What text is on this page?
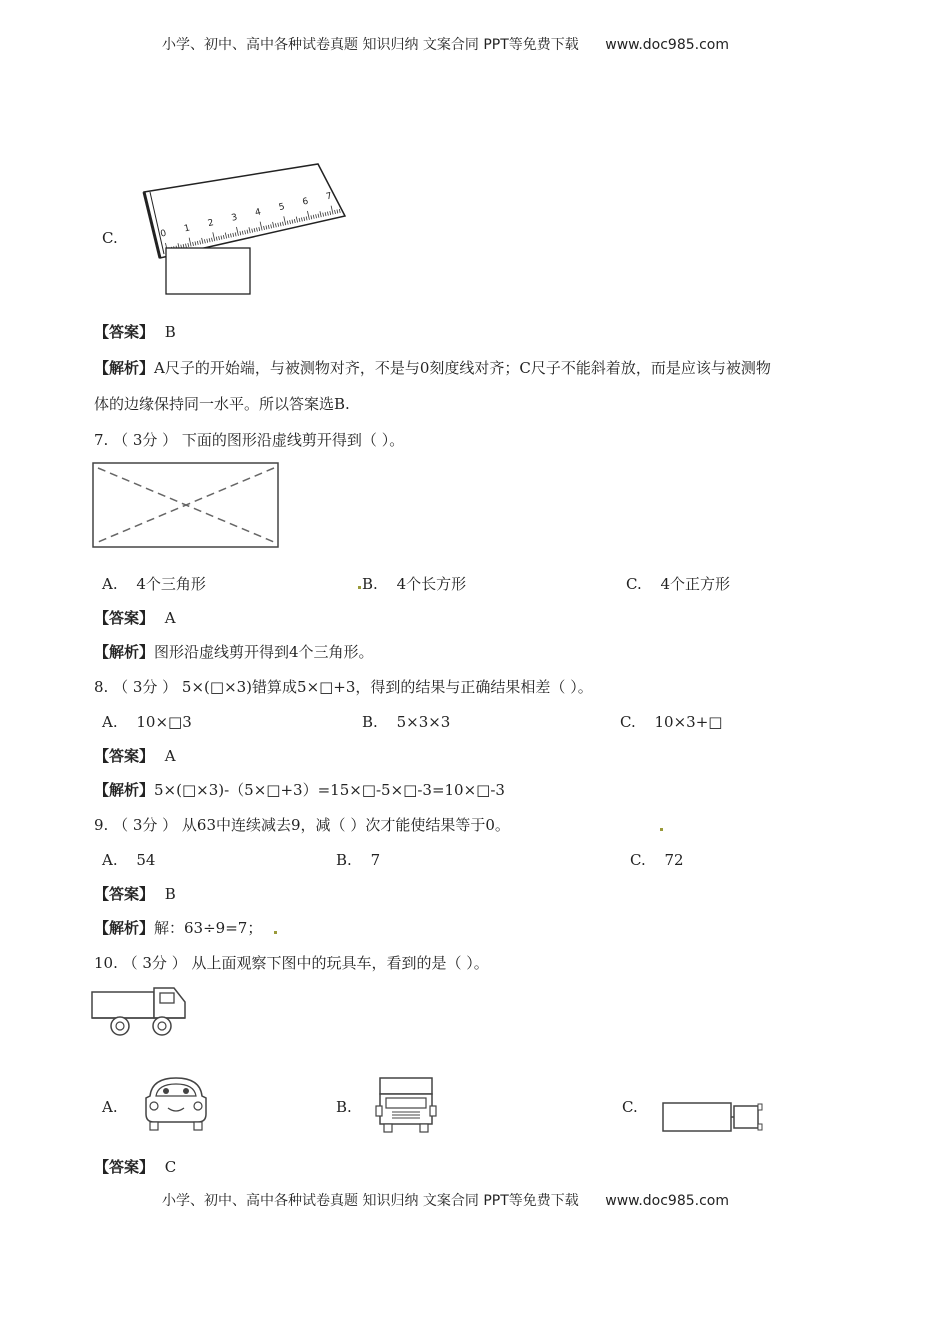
小学、初中、高中各种试卷真题 知识归纳 文案合同 PPT等免费下载 www.doc985.com
C.	0 1 2 3 4 5 6 7
【答案】 B
【解析】A尺子的开始端，与被测物对齐，不是与0刻度线对齐；C尺子不能斜着放，而是应该与被测物
体的边缘保持同一水平。所以答案选B.
7. （ 3分 ） 下面的图形沿虚线剪开得到（ ）。
A. 4个三角形	B. 4个长方形	C. 4个正方形
【答案】 A
【解析】图形沿虚线剪开得到4个三角形。
8. （ 3分 ） 5×(□×3)错算成5×□+3，得到的结果与正确结果相差（ ）。
A. 10×□3	B. 5×3×3	C. 10×3+□
【答案】 A
【解析】5×(□×3)-（5×□+3）=15×□-5×□-3=10×□-3
9. （ 3分 ） 从63中连续减去9，减（ ）次才能使结果等于0。
A. 54	B. 7	C. 72
【答案】 B
【解析】解：63÷9=7；
10. （ 3分 ） 从上面观察下图中的玩具车，看到的是（ ）。
A.	B.	C.
【答案】 C
小学、初中、高中各种试卷真题 知识归纳 文案合同 PPT等免费下载 www.doc985.com
